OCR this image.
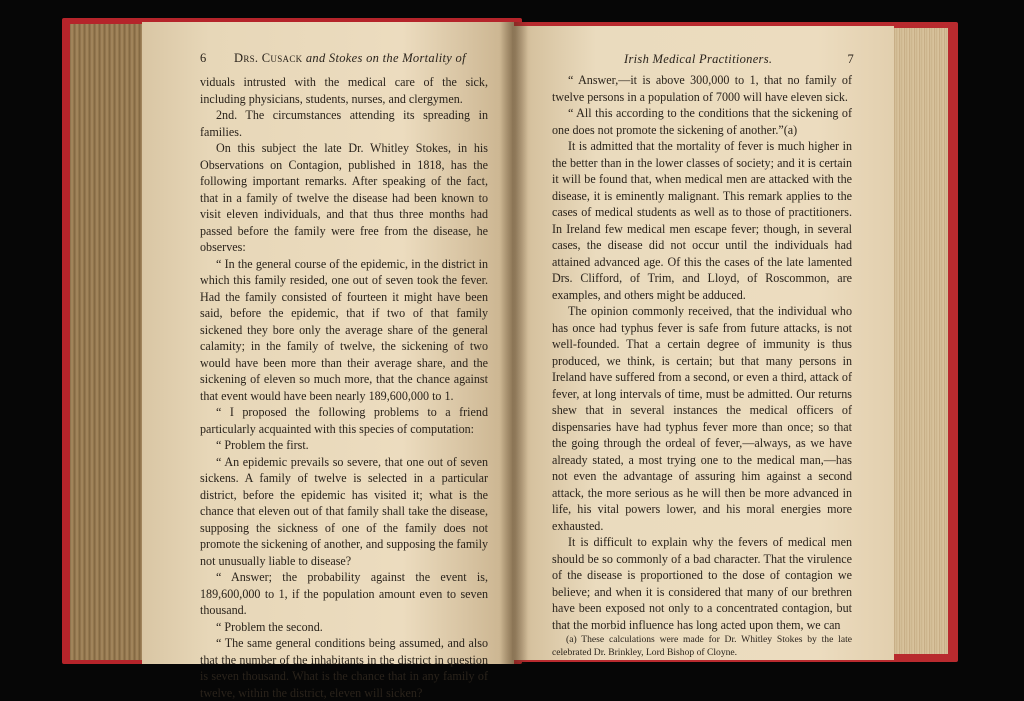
6 Drs. Cusack and Stokes on the Mortality of

viduals intrusted with the medical care of the sick, including physicians, students, nurses, and clergymen.

2nd. The circumstances attending its spreading in families.

On this subject the late Dr. Whitley Stokes, in his Observations on Contagion, published in 1818, has the following important remarks. After speaking of the fact, that in a family of twelve the disease had been known to visit eleven individuals, and that thus three months had passed before the family were free from the disease, he observes:

“ In the general course of the epidemic, in the district in which this family resided, one out of seven took the fever. Had the family consisted of fourteen it might have been said, before the epidemic, that if two of that family sickened they bore only the average share of the general calamity; in the family of twelve, the sickening of two would have been more than their average share, and the sickening of eleven so much more, that the chance against that event would have been nearly 189,600,000 to 1.

“ I proposed the following problems to a friend particularly acquainted with this species of computation:

“ Problem the first.

“ An epidemic prevails so severe, that one out of seven sickens. A family of twelve is selected in a particular district, before the epidemic has visited it; what is the chance that eleven out of that family shall take the disease, supposing the sickness of one of the family does not promote the sickening of another, and supposing the family not unusually liable to disease?

“ Answer; the probability against the event is, 189,600,000 to 1, if the population amount even to seven thousand.

“ Problem the second.

“ The same general conditions being assumed, and also that the number of the inhabitants in the district in question is seven thousand. What is the chance that in any family of twelve, within the district, eleven will sicken?

Irish Medical Practitioners.	7

“ Answer,—it is above 300,000 to 1, that no family of twelve persons in a population of 7000 will have eleven sick.

“ All this according to the conditions that the sickening of one does not promote the sickening of another.”(a)

It is admitted that the mortality of fever is much higher in the better than in the lower classes of society; and it is certain it will be found that, when medical men are attacked with the disease, it is eminently malignant. This remark applies to the cases of medical students as well as to those of practitioners. In Ireland few medical men escape fever; though, in several cases, the disease did not occur until the individuals had attained advanced age. Of this the cases of the late lamented Drs. Clifford, of Trim, and Lloyd, of Roscommon, are examples, and others might be adduced.

The opinion commonly received, that the individual who has once had typhus fever is safe from future attacks, is not well-founded. That a certain degree of immunity is thus produced, we think, is certain; but that many persons in Ireland have suffered from a second, or even a third, attack of fever, at long intervals of time, must be admitted. Our returns shew that in several instances the medical officers of dispensaries have had typhus fever more than once; so that the going through the ordeal of fever,—always, as we have already stated, a most trying one to the medical man,—has not even the advantage of assuring him against a second attack, the more serious as he will then be more advanced in life, his vital powers lower, and his moral energies more exhausted.

It is difficult to explain why the fevers of medical men should be so commonly of a bad character. That the virulence of the disease is proportioned to the dose of contagion we believe; and when it is considered that many of our brethren have been exposed not only to a concentrated contagion, but that the morbid influence has long acted upon them, we can

(a) These calculations were made for Dr. Whitley Stokes by the late celebrated Dr. Brinkley, Lord Bishop of Cloyne.
